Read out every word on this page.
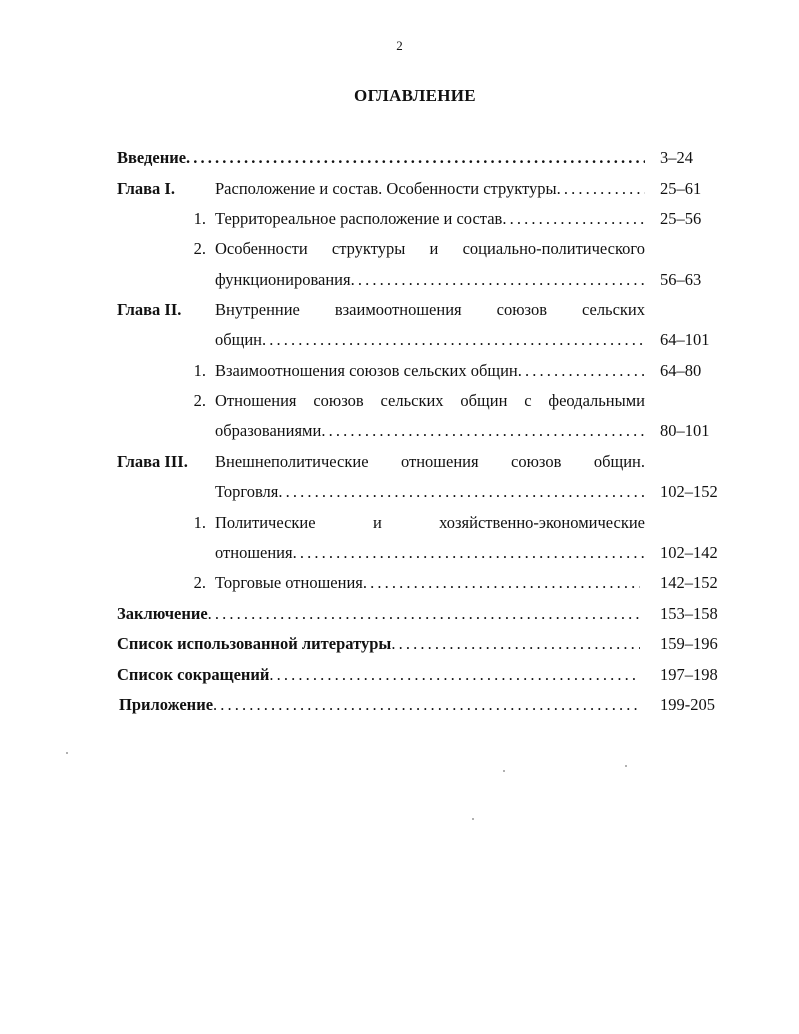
2
ОГЛАВЛЕНИЕ
Введение . . .	3–24
Глава I. Расположение и состав. Особенности структуры . . .	25–61
1. Территореальное расположение и состав . . .	25–56
2. Особенности структуры и социально-политического
функционирования . . .	56–63
Глава II. Внутренние взаимоотношения союзов сельских
общин . . .	64–101
1. Взаимоотношения союзов сельских общин . . .	64–80
2. Отношения союзов сельских общин с феодальными
образованиями . . .	80–101
Глава III. Внешнеполитические отношения союзов общин.
Торговля . . .	102–152
1. Политические и хозяйственно-экономические
отношения . . .	102–142
2. Торговые отношения . . .	142–152
Заключение . . .	153–158
Список использованной литературы . . .	159–196
Список сокращений . . .	197–198
Приложение . . .	199-205
